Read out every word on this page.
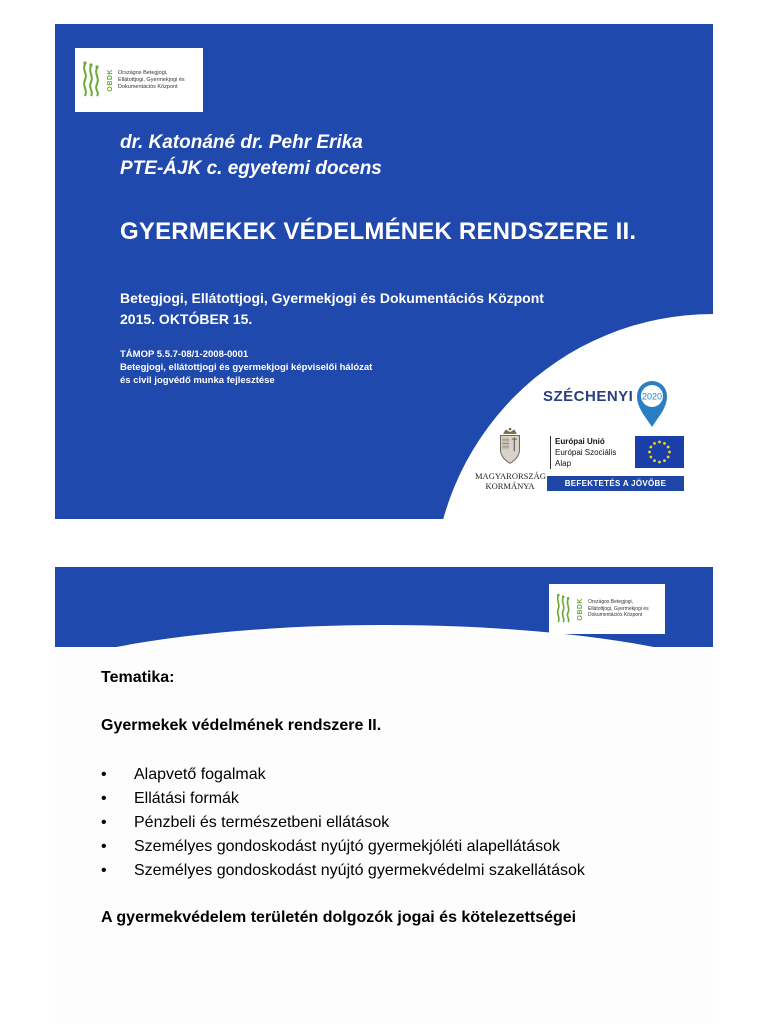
OBDK Országos Betegjogi,
Ellátottjogi, Gyermekjogi és
Dokumentációs Központ
dr. Katonáné dr. Pehr Erika
PTE-ÁJK c. egyetemi docens
GYERMEKEK VÉDELMÉNEK RENDSZERE II.
Betegjogi, Ellátottjogi, Gyermekjogi és Dokumentációs Központ
2015. OKTÓBER 15.
TÁMOP 5.5.7-08/1-2008-0001
Betegjogi, ellátottjogi és gyermekjogi képviselői hálózat
és civil jogvédő munka fejlesztése
SZÉCHENYI 2020
MAGYARORSZÁG
KORMÁNYA
Európai Unió
Európai Szociális
Alap
BEFEKTETÉS A JÖVŐBE
OBDK Országos Betegjogi,
Ellátottjogi, Gyermekjogi és
Dokumentációs Központ
Tematika:
Gyermekek védelmének rendszere II.
•	Alapvető fogalmak
•	Ellátási formák
•	Pénzbeli és természetbeni ellátások
•	Személyes gondoskodást nyújtó gyermekjóléti alapellátások
•	Személyes gondoskodást nyújtó gyermekvédelmi szakellátások
A gyermekvédelem területén dolgozók jogai és kötelezettségei
